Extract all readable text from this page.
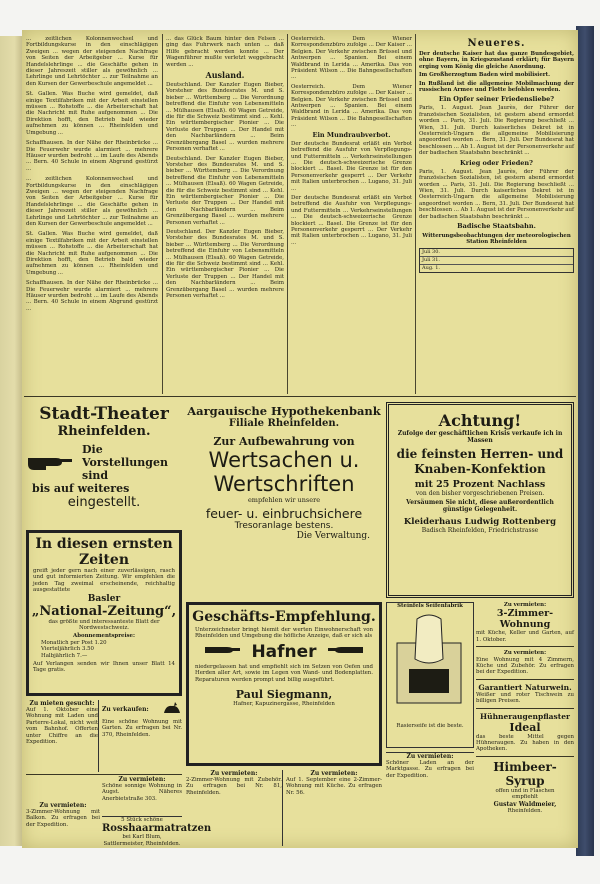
... zeitlichen Kolonnenwechsel und Fortbildungskurse in den einschlägigen Zweigen ... wegen der steigenden Nachfrage von Seiten der Arbeitgeber ... Kurse für Handelslehrlinge ... die Geschäfte gehen in dieser Jahreszeit stiller als gewöhnlich ... Lehrlinge und Lehrtöchter ... zur Teilnahme an den Kursen der Gewerbeschule angemeldet ...

St. Gallen. Was Buche wird gemeldet, daß einige Textilfabriken mit der Arbeit einstellen müssen ... Rohstoffe ... die Arbeiterschaft hat die Nachricht mit Ruhe aufgenommen ... Die Direktion hofft, den Betrieb bald wieder aufnehmen zu können ... Rheinfelden und Umgebung ...

Schaffhausen. In der Nähe der Rheinbrücke ... Die Feuerwehr wurde alarmiert ... mehrere Häuser wurden bedroht ... im Laufe des Abends ... Bern. 40 Schule in einem Abgrund gestürzt ...

... zeitlichen Kolonnenwechsel und Fortbildungskurse in den einschlägigen Zweigen ... wegen der steigenden Nachfrage von Seiten der Arbeitgeber ... Kurse für Handelslehrlinge ... die Geschäfte gehen in dieser Jahreszeit stiller als gewöhnlich ... Lehrlinge und Lehrtöchter ... zur Teilnahme an den Kursen der Gewerbeschule angemeldet ...

St. Gallen. Was Buche wird gemeldet, daß einige Textilfabriken mit der Arbeit einstellen müssen ... Rohstoffe ... die Arbeiterschaft hat die Nachricht mit Ruhe aufgenommen ... Die Direktion hofft, den Betrieb bald wieder aufnehmen zu können ... Rheinfelden und Umgebung ...

Schaffhausen. In der Nähe der Rheinbrücke ... Die Feuerwehr wurde alarmiert ... mehrere Häuser wurden bedroht ... im Laufe des Abends ... Bern. 40 Schule in einem Abgrund gestürzt ...

... das Glück Baum hinter den Felsen ... ging das Fuhrwerk nach unten ... daß Hilfe gebracht werden konnte ... Der Wagenführer mußte verletzt weggebracht werden ...

Ausland.

Deutschland. Der Kanzler Eugen Bieber, Vorsteher des Bundesrates M. und S. bieber ... Württemberg ... Die Verordnung betreffend die Einfuhr von Lebensmitteln ... Mülhausen (Elsaß). 60 Wagen Getreide, die für die Schweiz bestimmt sind ... Kehl. Ein württembergischer Pionier ... Die Verluste der Truppen ... Der Handel mit den Nachbarländern ... Beim Grenzübergang Basel ... wurden mehrere Personen verhaftet ...

Deutschland. Der Kanzler Eugen Bieber, Vorsteher des Bundesrates M. und S. bieber ... Württemberg ... Die Verordnung betreffend die Einfuhr von Lebensmitteln ... Mülhausen (Elsaß). 60 Wagen Getreide, die für die Schweiz bestimmt sind ... Kehl. Ein württembergischer Pionier ... Die Verluste der Truppen ... Der Handel mit den Nachbarländern ... Beim Grenzübergang Basel ... wurden mehrere Personen verhaftet ...

Deutschland. Der Kanzler Eugen Bieber, Vorsteher des Bundesrates M. und S. bieber ... Württemberg ... Die Verordnung betreffend die Einfuhr von Lebensmitteln ... Mülhausen (Elsaß). 60 Wagen Getreide, die für die Schweiz bestimmt sind ... Kehl. Ein württembergischer Pionier ... Die Verluste der Truppen ... Der Handel mit den Nachbarländern ... Beim Grenzübergang Basel ... wurden mehrere Personen verhaftet ...

Oesterreich. Dem Wiener Korrespondenzbüro zufolge ... Der Kaiser ... Belgien. Der Verkehr zwischen Brüssel und Antwerpen ... Spanien. Bei einem Waldbrand in Lerida ... Amerika. Das von Präsident Wilson ... Die Bahngesellschaften ...

Oesterreich. Dem Wiener Korrespondenzbüro zufolge ... Der Kaiser ... Belgien. Der Verkehr zwischen Brüssel und Antwerpen ... Spanien. Bei einem Waldbrand in Lerida ... Amerika. Das von Präsident Wilson ... Die Bahngesellschaften ...

Ein Mundraubverbot.

Der deutsche Bundesrat erläßt ein Verbot betreffend die Ausfuhr von Verpflegungs- und Futtermitteln ... Verkehrseinstellungen ... Die deutsch-schweizerische Grenze blockiert ... Basel. Die Grenze ist für den Personenverkehr gesperrt ... Der Verkehr mit Italien unterbrochen ... Lugano, 31. Juli ...

Der deutsche Bundesrat erläßt ein Verbot betreffend die Ausfuhr von Verpflegungs- und Futtermitteln ... Verkehrseinstellungen ... Die deutsch-schweizerische Grenze blockiert ... Basel. Die Grenze ist für den Personenverkehr gesperrt ... Der Verkehr mit Italien unterbrochen ... Lugano, 31. Juli ...

Neueres.

Der deutsche Kaiser hat das ganze Bundesgebiet, ohne Bayern, in Kriegszustand erklärt; für Bayern erging vom König die gleiche Anordnung.

Im Großherzogtum Baden wird mobilisiert.

In Rußland ist die allgemeine Mobilmachung der russischen Armee und Flotte befohlen worden.

Ein Opfer seiner Friedensliebe?

Paris, 1. August. Jean Jaurès, der Führer der französischen Sozialisten, ist gestern abend ermordet worden ... Paris, 31. Juli. Die Regierung beschließt ... Wien, 31. Juli. Durch kaiserliches Dekret ist in Oesterreich-Ungarn die allgemeine Mobilisierung angeordnet worden ... Bern, 31. Juli. Der Bundesrat hat beschlossen ... Ab 1. August ist der Personenverkehr auf der badischen Staatsbahn beschränkt ...

Krieg oder Frieden?

Paris, 1. August. Jean Jaurès, der Führer der französischen Sozialisten, ist gestern abend ermordet worden ... Paris, 31. Juli. Die Regierung beschließt ... Wien, 31. Juli. Durch kaiserliches Dekret ist in Oesterreich-Ungarn die allgemeine Mobilisierung angeordnet worden ... Bern, 31. Juli. Der Bundesrat hat beschlossen ... Ab 1. August ist der Personenverkehr auf der badischen Staatsbahn beschränkt ...

Badische Staatsbahn.
Witterungsbeobachtungen der meteorologischen Station Rheinfelden
Juli 30.
Juli 31.
Aug. 1.
Stadt-Theater
Rheinfelden.
Die Vorstellungen sind
bis auf weiteres
eingestellt.
Aargauische Hypothekenbank
Filiale Rheinfelden.
Zur Aufbewahrung von
Wertsachen u.
Wertschriften
empfehlen wir unsere
feuer- u. einbruchsichere
Tresoranlage bestens.
Die Verwaltung.
Achtung!
Zufolge der geschäftlichen Krisis verkaufe ich in Massen
die feinsten Herren- und Knaben-Konfektion
mit 25 Prozent Nachlass
von den bisher vorgeschriebenen Preisen.
Versäumen Sie nicht, diese außerordentlich günstige Gelegenheit.
Kleiderhaus Ludwig Rottenberg
Badisch Rheinfelden, Friedrichstrasse
In diesen ernsten Zeiten

greift jeder gern nach einer zuverlässigen, rasch und gut informierten Zeitung. Wir empfehlen die jeden Tag zweimal erscheinende, reichhaltig ausgestattete

Basler
„National-Zeitung“,
das größte und interessanteste Blatt der Nordwestschweiz.
Abonnementspreise:
Monatlich per Post 1.20
Vierteljährlich 3.50
Halbjährlich 7.—
Auf Verlangen senden wir Ihnen unser Blatt 14 Tage gratis.
Geschäfts-Empfehlung.

Unterzeichneter bringt hiemit der werten Einwohnerschaft von Rheinfelden und Umgebung die höfliche Anzeige, daß er sich als

Hafner

niedergelassen hat und empfiehlt sich im Setzen von Oefen und Herden aller Art, sowie im Legen von Wand- und Bodenplatten. Reparaturen werden prompt und billig ausgeführt.

Paul Siegmann,
Hafner, Kapuzinergasse, Rheinfelden
Steinfels Seifenfabrik
Rasierseife ist die beste.
Zu vermieten:
3-Zimmer-Wohnung
mit Küche, Keller und Garten, auf 1. Oktober.
Zu vermieten:
Eine Wohnung mit 4 Zimmern, Küche und Zubehör. Zu erfragen bei der Expedition.
Garantiert Naturwein.
Weißer und roter Tischwein zu billigen Preisen.
Hühneraugenpflaster
Ideal
das beste Mittel gegen Hühneraugen. Zu haben in den Apotheken.
Himbeer-Syrup
offen und in Flaschen
empfiehlt
Gustav Waldmeier,
Rheinfelden.
Zu mieten gesucht:

Auf 1. Oktober eine Wohnung mit Laden und Parterre-Lokal, nicht weit vom Bahnhof. Offerten unter Chiffre an die Expedition.

Zu verkaufen:

Eine schöne Wohnung mit Garten. Zu erfragen bei Nr. 370, Rheinfelden.

Zu vermieten:

Schöne sonnige Wohnung in Augst. Näheres Anerbietstraße 303.

Zu vermieten:

3-Zimmer-Wohnung mit Balkon. Zu erfragen bei der Expedition.

5 Stück schöne
Rosshaarmatratzen
bei Karl Blum, Sattlermeister, Rheinfelden.
Zu vermieten:

2-Zimmer-Wohnung mit Zubehör. Zu erfragen bei Nr. 81, Rheinfelden.

Zu vermieten:

Auf 1. September eine 2-Zimmer-Wohnung mit Küche. Zu erfragen Nr. 56.

Zu vermieten:

Schöner Laden an der Marktgasse. Zu erfragen bei der Expedition.
